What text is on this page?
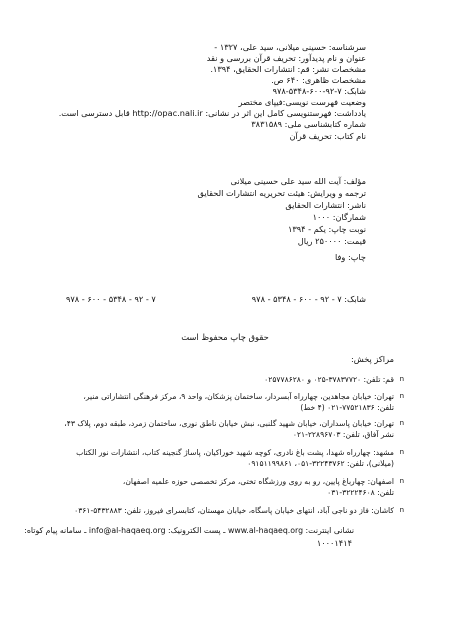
سرشناسه: حسینی میلانی، سید علی، ۱۳۲۷ -
عنوان و نام پدیدآور: تحریف قرآن بررسی و نقد
مشخصات نشر: قم: انتشارات الحقایق، ۱۳۹۴.
مشخصات ظاهری: ۶۴۰ ص.
شابک: ۷-۹۲-۶۰۰-۵۳۴۸-۹۷۸
وضعیت فهرست نویسی:فیپای مختصر
یادداشت: فهرستنویسی کامل این اثر در نشانی: http://opac.nali.ir قابل دسترسی است.
شماره کتابشناسی ملی: ۳۸۳۱۵۸۹
نام کتاب: تحریف قرآن
مؤلف: آیت الله سید علی حسینی میلانی
ترجمه و ویرایش: هیئت تحریریه انتشارات الحقایق
ناشر: انتشارات الحقایق
شمارگان: ۱۰۰۰
نوبت چاپ: یکم - ۱۳۹۴
قیمت: ۲۵۰۰۰۰ ریال
چاپ: وفا
شابک: ۷ - ۹۲ - ۶۰۰ - ۵۳۴۸ - ۹۷۸
۹۷۸ - ۶۰۰ - ۵۳۴۸ - ۹۲ - ۷
حقوق چاپ محفوظ است
مراکز پخش:
n
قم: تلفن: ۳۷۸۳۷۷۲۰-۰۲۵ و ۰۲۵۷۷۸۶۲۸۰
n
تهران: خیابان مجاهدین، چهارراه آبسردار، ساختمان پزشکان، واحد ۹، مرکز فرهنگی انتشاراتی منیر،
تلفن: ۷۷۵۲۱۸۳۶-۰۲۱ (۴ خط)
n
تهران: خیابان پاسداران، خیابان شهید گلنبی، نبش خیابان ناطق نوری، ساختمان زمرد، طبقه دوم، پلاک ۴۳،
نشر آفاق، تلفن: ۲۲۸۹۶۷۰۳-۰۲۱
n
مشهد: چهارراه شهدا، پشت باغ نادری، کوچه شهید خوراکیان، پاساژ گنجینه کتاب، انتشارات نور الکتاب
(میلانی)، تلفن: ۳۲۲۴۳۷۶۲-۰۵۱، ۰۹۱۵۱۱۹۹۸۶۱
n
اصفهان: چهارباغ پایین، رو به روی ورزشگاه تختی، مرکز تخصصی حوزه علمیه اصفهان،
تلفن: ۳۲۲۲۴۶۰۸-۰۳۱
n
کاشان: فاز دو ناجی آباد، انتهای خیابان پاسگاه، خیابان مهستان، کتابسرای فیروز، تلفن: ۵۴۳۲۸۸۳-۰۳۶۱
نشانی اینترنت: www.al-haqaeq.org ـ پست الکترونیک: info@al-haqaeq.org ـ سامانه پیام کوتاه:
۱۰۰۰۱۴۱۴
